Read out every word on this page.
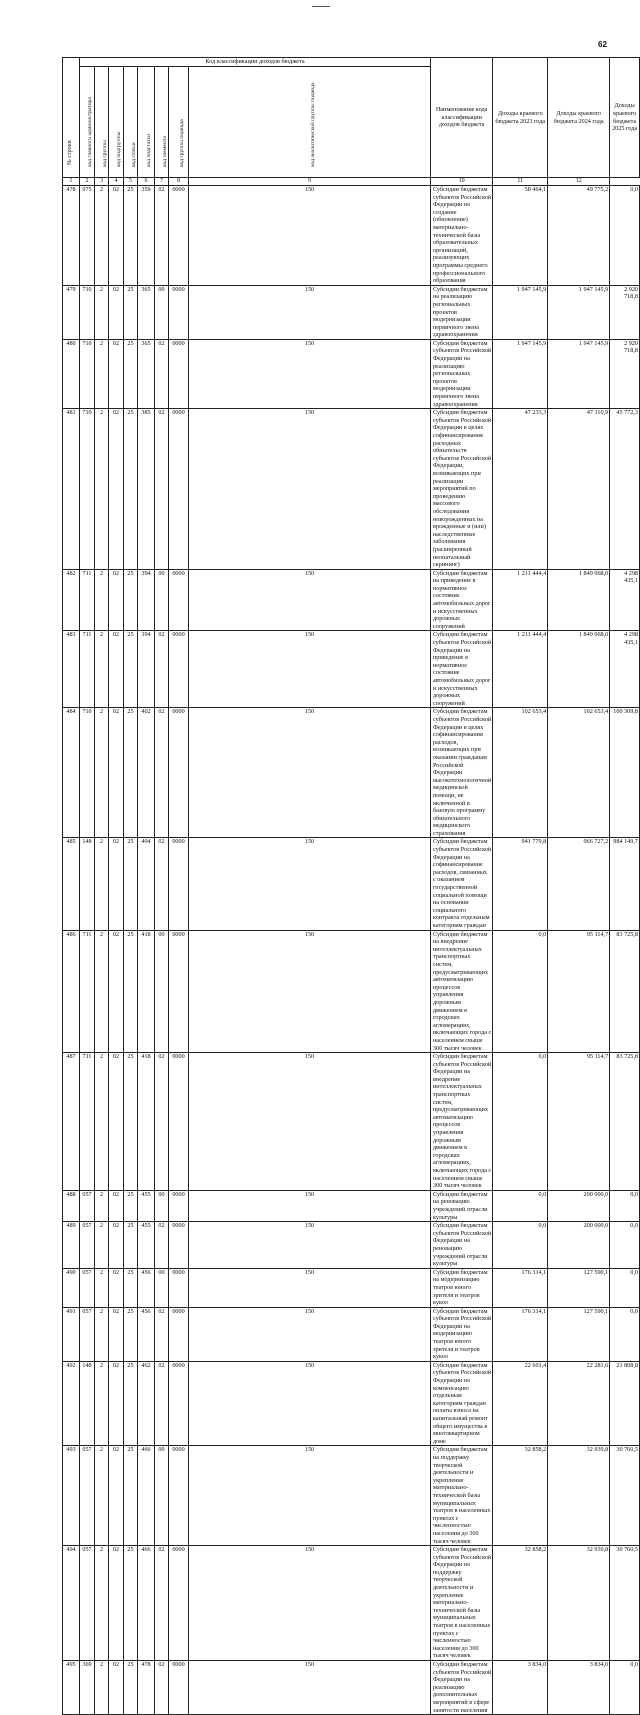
62
№ строки	Код классификации доходов бюджета								Наименование кода классификации доходов бюджета	Доходы краевого бюджета 2023 года	Доходы краевого бюджета 2024 года	Доходы краевого бюджета 2025 года

	код главного администратора	код группы	код подгруппы	код статьи	код подстатьи	код элемента	код группы подвида	код аналитической группы подвида				

1	2	3	4	5	6	7	8	9	10	11	12	
478	075	2	02	25	359	02	0000	150	Субсидии бюджетам субъектов Российской Федерации на создание (обновление) материально-технической базы образовательных организаций, реализующих программы среднего профессионального образования	58 464,1	49 775,2	0,0
479	710	2	02	25	365	00	0000	150	Субсидии бюджетам на реализацию региональных проектов модернизации первичного звена здравоохранения	1 947 145,9	1 947 145,9	2 920 718,8
480	710	2	02	25	365	02	0000	150	Субсидии бюджетам субъектов Российской Федерации на реализацию региональных проектов модернизации первичного звена здравоохранения	1 947 145,9	1 947 145,9	2 920 718,8
481	710	2	02	25	385	02	0000	150	Субсидии бюджетам субъектов Российской Федерации в целях софинансирования расходных обязательств субъектов Российской Федерации, возникающих при реализации мероприятий по проведению массового обследования новорожденных на врожденные и (или) наследственные заболевания (расширенный неонатальный скрининг)	47 233,3	47 110,9	45 772,3
482	711	2	02	25	394	00	0000	150	Субсидии бюджетам на приведение в нормативное состояние автомобильных дорог и искусственных дорожных сооружений	1 211 444,4	1 849 068,0	4 298 435,1
483	711	2	02	25	394	02	0000	150	Субсидии бюджетам субъектов Российской Федерации на приведение в нормативное состояние автомобильных дорог и искусственных дорожных сооружений	1 211 444,4	1 849 068,0	4 298 435,1
484	710	2	02	25	402	02	0000	150	Субсидии бюджетам субъектов Российской Федерации в целях софинансирования расходов, возникающих при оказании гражданам Российской Федерации высокотехнологичной медицинской помощи, не включенной в базовую программу обязательного медицинского страхования	102 653,4	102 653,4	100 309,8
485	148	2	02	25	404	02	0000	150	Субсидии бюджетам субъектов Российской Федерации на софинансирование расходов, связанных с оказанием государственной социальной помощи на основании социального контракта отдельным категориям граждан	941 779,8	966 727,2	984 149,7
486	711	2	02	25	418	00	0000	150	Субсидии бюджетам на внедрение интеллектуальных транспортных систем, предусматривающих автоматизацию процессов управления дорожным движением в городских агломерациях, включающих города с населением свыше 300 тысяч человек	0,0	95 114,7	83 725,8
487	711	2	02	25	418	02	0000	150	Субсидии бюджетам субъектов Российской Федерации на внедрение интеллектуальных транспортных систем, предусматривающих автоматизацию процессов управления дорожным движением в городских агломерациях, включающих города с населением свыше 300 тысяч человек	0,0	95 114,7	83 725,8
488	057	2	02	25	455	00	0000	150	Субсидии бюджетам на реновацию учреждений отрасли культуры	0,0	200 000,0	0,0
489	057	2	02	25	455	02	0000	150	Субсидии бюджетам субъектов Российской Федерации на реновацию учреждений отрасли культуры	0,0	200 000,0	0,0
490	057	2	02	25	456	00	0000	150	Субсидии бюджетам на модернизацию театров юного зрителя и театров кукол	176 314,1	127 590,1	0,0
491	057	2	02	25	456	02	0000	150	Субсидии бюджетам субъектов Российской Федерации на модернизацию театров юного зрителя и театров кукол	176 314,1	127 590,1	0,0
492	148	2	02	25	462	02	0000	150	Субсидии бюджетам субъектов Российской Федерации на компенсацию отдельным категориям граждан оплаты взноса на капитальный ремонт общего имущества в многоквартирном доме	22 601,4	22 281,6	21 808,8
493	057	2	02	25	466	00	0000	150	Субсидии бюджетам на поддержку творческой деятельности и укрепление материально-технической базы муниципальных театров в населенных пунктах с численностью населения до 300 тысяч человек	32 858,2	32 939,8	30 760,5
494	057	2	02	25	466	02	0000	150	Субсидии бюджетам субъектов Российской Федерации на поддержку творческой деятельности и укрепление материально-технической базы муниципальных театров в населенных пунктах с численностью населения до 300 тысяч человек	32 858,2	32 939,8	30 760,5
495	369	2	02	25	478	02	0000	150	Субсидии бюджетам субъектов Российской Федерации на реализацию дополнительных мероприятий в сфере занятости населения	3 834,0	3 834,0	0,0
